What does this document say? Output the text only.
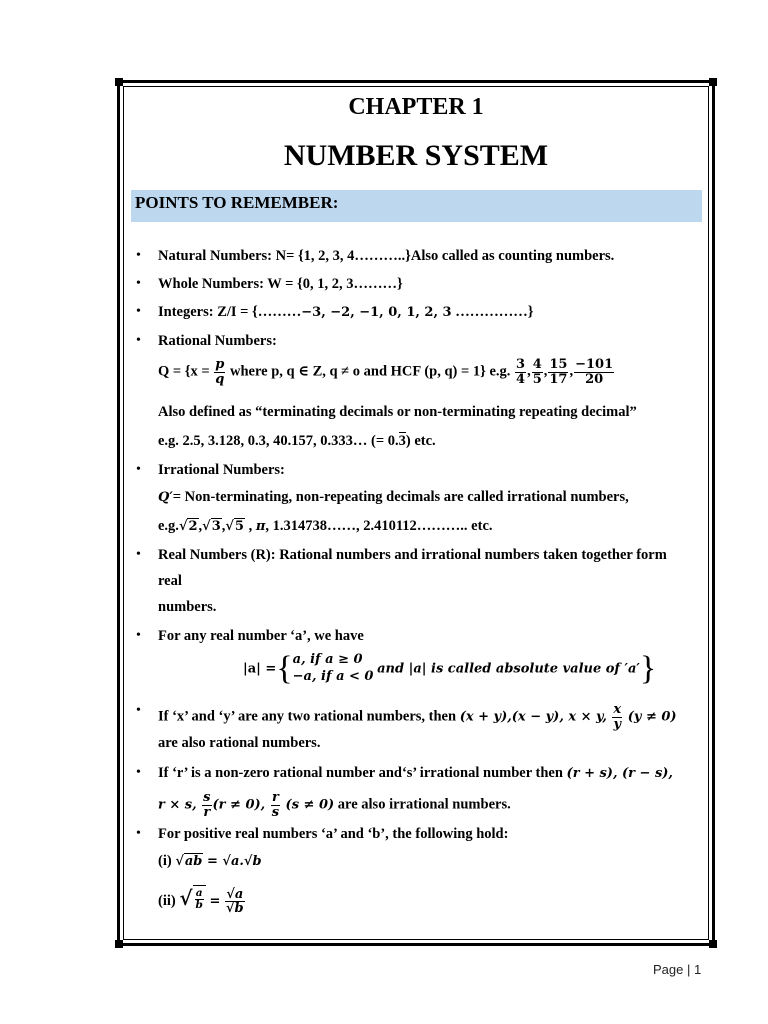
CHAPTER 1
NUMBER SYSTEM
POINTS TO REMEMBER:
• Natural Numbers: N= {1, 2, 3, 4………..}Also called as counting numbers.
• Whole Numbers: W = {0, 1, 2, 3………}
• Integers: Z/I = {………−3, −2, −1, 0, 1, 2, 3 ……………}
• Rational Numbers:
$Q = \{x = \frac{p}{q}$ where p, q ∈ Z, q ≠ o and HCF (p, q) = 1} e.g. $\frac{3}{4}$ , $\frac{4}{5}$ , $\frac{15}{17}$ , $\frac{-101}{20}$
Also defined as “terminating decimals or non-terminating repeating decimal”
e.g. 2.5, 3.128, 0.3, 40.157, 0.333… (= 0.3) etc.
• Irrational Numbers:
Q′= Non-terminating, non-repeating decimals are called irrational numbers,
e.g.√2,√3,√5 , π, 1.314738……, 2.410112……….. etc.
• Real Numbers (R): Rational numbers and irrational numbers taken together form
real
numbers.
• For any real number ‘a’, we have
|a| ={ a, if a ≥ 0
−a, if a < 0
and |a| is called absolute value of ′a′}
• If ‘x’ and ‘y’ are any two rational numbers, then (x + y),(x − y), x × y, $\frac{x}{y} (y \ne 0)$
are also rational numbers.
• If ‘r’ is a non-zero rational number and‘s’ irrational number then (r + s), (r − s),
r × s, $\frac{s}{r} (r \ne 0)$, $\frac{r}{s} (s \ne 0)$ are also irrational numbers.
• For positive real numbers ‘a’ and ‘b’, the following hold:
(i) √ab = √a.√b
(ii) √ $\frac{a}{b} = \frac{√a}{√b}$
Page | 1
